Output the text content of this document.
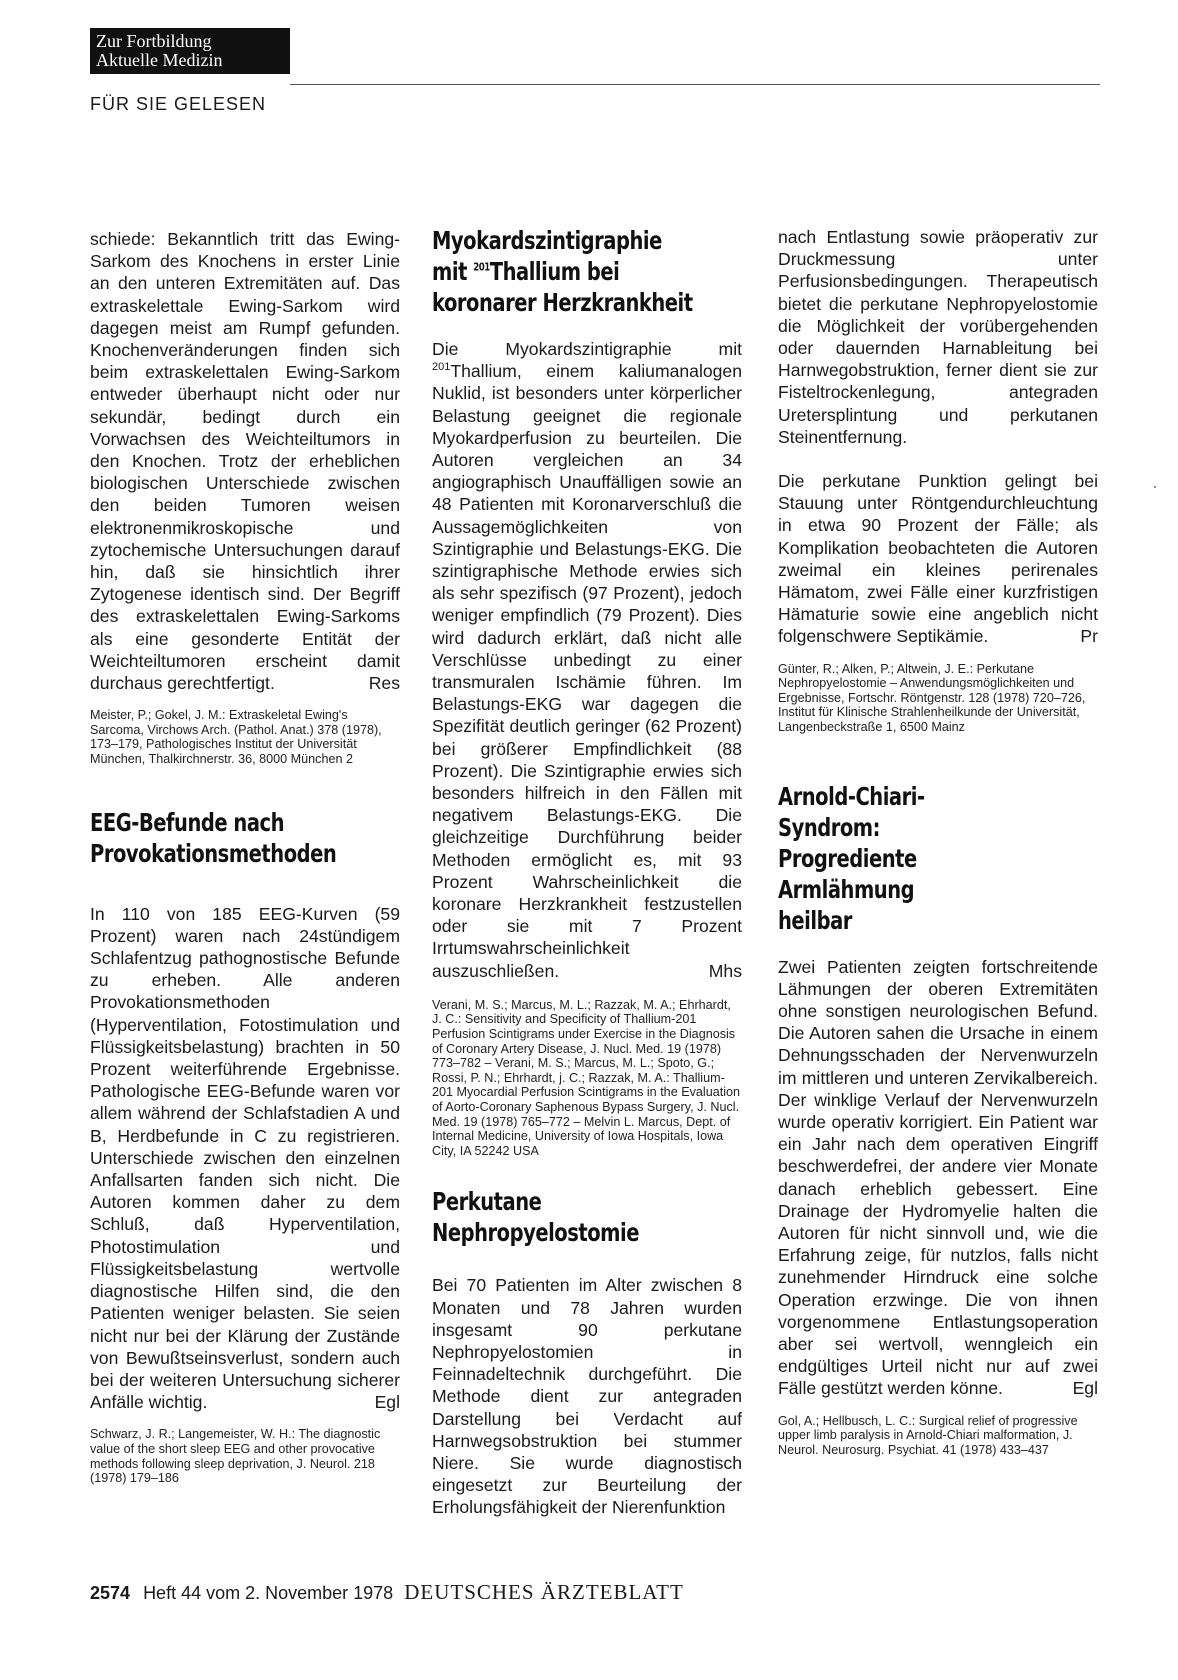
Zur Fortbildung
Aktuelle Medizin
FÜR SIE GELESEN

schiede: Bekanntlich tritt das Ewing-Sarkom des Knochens in erster Linie an den unteren Extremitäten auf. Das extraskelettale Ewing-Sarkom wird dagegen meist am Rumpf gefunden. Knochenveränderungen finden sich beim extraskelettalen Ewing-Sarkom entweder überhaupt nicht oder nur sekundär, bedingt durch ein Vorwachsen des Weichteiltumors in den Knochen. Trotz der erheblichen biologischen Unterschiede zwischen den beiden Tumoren weisen elektronenmikroskopische und zytochemische Untersuchungen darauf hin, daß sie hinsichtlich ihrer Zytogenese identisch sind. Der Begriff des extraskelettalen Ewing-Sarkoms als eine gesonderte Entität der Weichteiltumoren erscheint damit durchaus gerechtfertigt.	Res

Meister, P.; Gokel, J. M.: Extraskeletal Ewing's Sarcoma, Virchows Arch. (Pathol. Anat.) 378 (1978), 173–179, Pathologisches Institut der Universität München, Thalkirchnerstr. 36, 8000 München 2

EEG-Befunde nach Provokationsmethoden

In 110 von 185 EEG-Kurven (59 Prozent) waren nach 24stündigem Schlafentzug pathognostische Befunde zu erheben. Alle anderen Provokationsmethoden (Hyperventilation, Fotostimulation und Flüssigkeitsbelastung) brachten in 50 Prozent weiterführende Ergebnisse. Pathologische EEG-Befunde waren vor allem während der Schlafstadien A und B, Herdbefunde in C zu registrieren. Unterschiede zwischen den einzelnen Anfallsarten fanden sich nicht. Die Autoren kommen daher zu dem Schluß, daß Hyperventilation, Photostimulation und Flüssigkeitsbelastung wertvolle diagnostische Hilfen sind, die den Patienten weniger belasten. Sie seien nicht nur bei der Klärung der Zustände von Bewußtseinsverlust, sondern auch bei der weiteren Untersuchung sicherer Anfälle wichtig.	Egl

Schwarz, J. R.; Langemeister, W. H.: The diagnostic value of the short sleep EEG and other provocative methods following sleep deprivation, J. Neurol. 218 (1978) 179–186

Myokardszintigraphie
mit $^{201}$Thallium bei
koronarer Herzkrankheit

Die Myokardszintigraphie mit $^{201}$Thallium, einem kaliumanalogen Nuklid, ist besonders unter körperlicher Belastung geeignet die regionale Myokardperfusion zu beurteilen. Die Autoren vergleichen an 34 angiographisch Unauffälligen sowie an 48 Patienten mit Koronarverschluß die Aussagemöglichkeiten von Szintigraphie und Belastungs-EKG. Die szintigraphische Methode erwies sich als sehr spezifisch (97 Prozent), jedoch weniger empfindlich (79 Prozent). Dies wird dadurch erklärt, daß nicht alle Verschlüsse unbedingt zu einer transmuralen Ischämie führen. Im Belastungs-EKG war dagegen die Spezifität deutlich geringer (62 Prozent) bei größerer Empfindlichkeit (88 Prozent). Die Szintigraphie erwies sich besonders hilfreich in den Fällen mit negativem Belastungs-EKG. Die gleichzeitige Durchführung beider Methoden ermöglicht es, mit 93 Prozent Wahrscheinlichkeit die koronare Herzkrankheit festzustellen oder sie mit 7 Prozent Irrtumswahrscheinlichkeit auszuschließen.	Mhs

Verani, M. S.; Marcus, M. L.; Razzak, M. A.; Ehrhardt, J. C.: Sensitivity and Specificity of Thallium-201 Perfusion Scintigrams under Exercise in the Diagnosis of Coronary Artery Disease, J. Nucl. Med. 19 (1978) 773–782 – Verani, M. S.; Marcus, M. L.; Spoto, G.; Rossi, P. N.; Ehrhardt, j. C.; Razzak, M. A.: Thallium-201 Myocardial Perfusion Scintigrams in the Evaluation of Aorto-Coronary Saphenous Bypass Surgery, J. Nucl. Med. 19 (1978) 765–772 – Melvin L. Marcus, Dept. of Internal Medicine, University of Iowa Hospitals, Iowa City, IA 52242 USA

Perkutane Nephropyelostomie

Bei 70 Patienten im Alter zwischen 8 Monaten und 78 Jahren wurden insgesamt 90 perkutane Nephropyelostomien in Feinnadeltechnik durchgeführt. Die Methode dient zur antegraden Darstellung bei Verdacht auf Harnwegsobstruktion bei stummer Niere. Sie wurde diagnostisch eingesetzt zur Beurteilung der Erholungsfähigkeit der Nierenfunktion

nach Entlastung sowie präoperativ zur Druckmessung unter Perfusionsbedingungen. Therapeutisch bietet die perkutane Nephropyelostomie die Möglichkeit der vorübergehenden oder dauernden Harnableitung bei Harnwegobstruktion, ferner dient sie zur Fisteltrockenlegung, antegraden Uretersplintung und perkutanen Steinentfernung.

Die perkutane Punktion gelingt bei Stauung unter Röntgendurchleuchtung in etwa 90 Prozent der Fälle; als Komplikation beobachteten die Autoren zweimal ein kleines perirenales Hämatom, zwei Fälle einer kurzfristigen Hämaturie sowie eine angeblich nicht folgenschwere Septikämie.	Pr

Günter, R.; Alken, P.; Altwein, J. E.: Perkutane Nephropyelostomie – Anwendungsmöglichkeiten und Ergebnisse, Fortschr. Röntgenstr. 128 (1978) 720–726, Institut für Klinische Strahlenheilkunde der Universität, Langenbeckstraße 1, 6500 Mainz

Arnold-Chiari-Syndrom: Progrediente Armlähmung heilbar

Zwei Patienten zeigten fortschreitende Lähmungen der oberen Extremitäten ohne sonstigen neurologischen Befund. Die Autoren sahen die Ursache in einem Dehnungsschaden der Nervenwurzeln im mittleren und unteren Zervikalbereich. Der winklige Verlauf der Nervenwurzeln wurde operativ korrigiert. Ein Patient war ein Jahr nach dem operativen Eingriff beschwerdefrei, der andere vier Monate danach erheblich gebessert. Eine Drainage der Hydromyelie halten die Autoren für nicht sinnvoll und, wie die Erfahrung zeige, für nutzlos, falls nicht zunehmender Hirndruck eine solche Operation erzwinge. Die von ihnen vorgenommene Entlastungsoperation aber sei wertvoll, wenngleich ein endgültiges Urteil nicht nur auf zwei Fälle gestützt werden könne.	Egl

Gol, A.; Hellbusch, L. C.: Surgical relief of progressive upper limb paralysis in Arnold-Chiari malformation, J. Neurol. Neurosurg. Psychiat. 41 (1978) 433–437

2574 Heft 44 vom 2. November 1978 DEUTSCHES ÄRZTEBLATT
